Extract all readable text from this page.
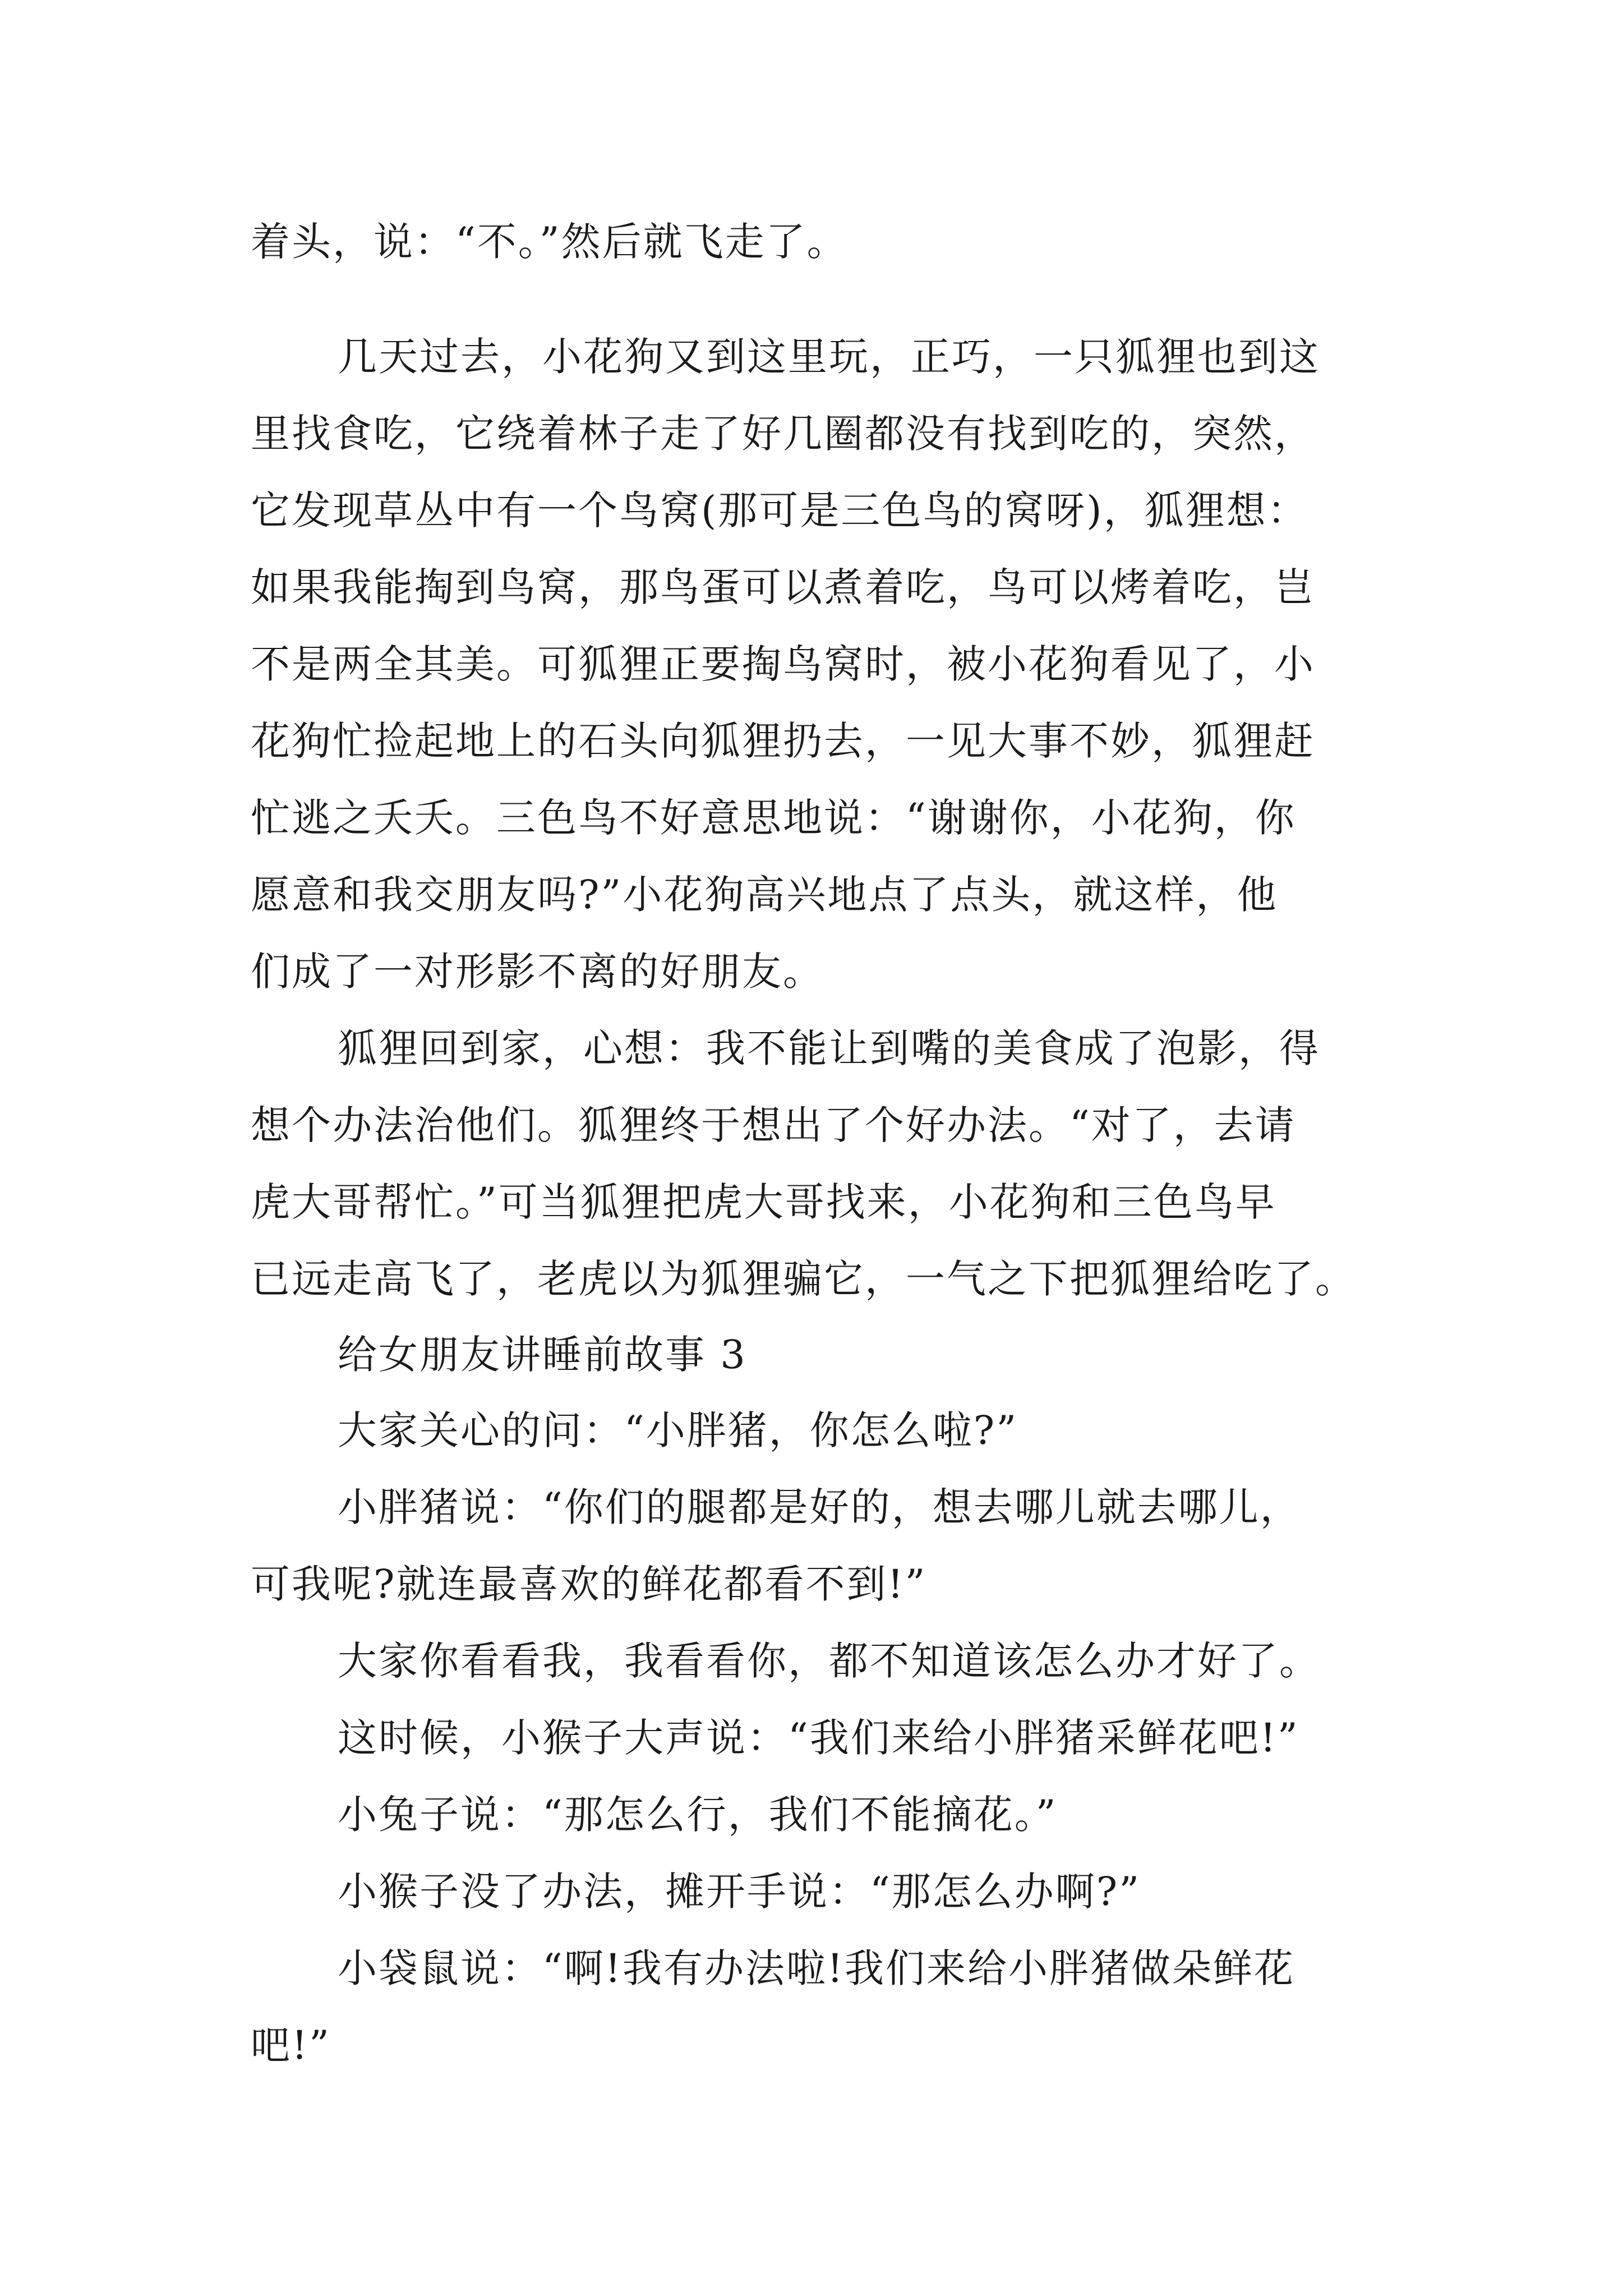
着头，说：“不。”然后就飞走了。

几天过去，小花狗又到这里玩，正巧，一只狐狸也到这

里找食吃，它绕着林子走了好几圈都没有找到吃的，突然，

它发现草丛中有一个鸟窝(那可是三色鸟的窝呀)，狐狸想：

如果我能掏到鸟窝，那鸟蛋可以煮着吃，鸟可以烤着吃，岂

不是两全其美。可狐狸正要掏鸟窝时，被小花狗看见了，小

花狗忙捡起地上的石头向狐狸扔去，一见大事不妙，狐狸赶

忙逃之夭夭。三色鸟不好意思地说：“谢谢你，小花狗，你

愿意和我交朋友吗?”小花狗高兴地点了点头，就这样，他

们成了一对形影不离的好朋友。

狐狸回到家，心想：我不能让到嘴的美食成了泡影，得

想个办法治他们。狐狸终于想出了个好办法。“对了，去请

虎大哥帮忙。”可当狐狸把虎大哥找来，小花狗和三色鸟早

已远走高飞了，老虎以为狐狸骗它，一气之下把狐狸给吃了。

给女朋友讲睡前故事 3

大家关心的问：“小胖猪，你怎么啦?”

小胖猪说：“你们的腿都是好的，想去哪儿就去哪儿，

可我呢?就连最喜欢的鲜花都看不到!”

大家你看看我，我看看你，都不知道该怎么办才好了。

这时候，小猴子大声说：“我们来给小胖猪采鲜花吧!”

小兔子说：“那怎么行，我们不能摘花。”

小猴子没了办法，摊开手说：“那怎么办啊?”

小袋鼠说：“啊!我有办法啦!我们来给小胖猪做朵鲜花

吧!”
